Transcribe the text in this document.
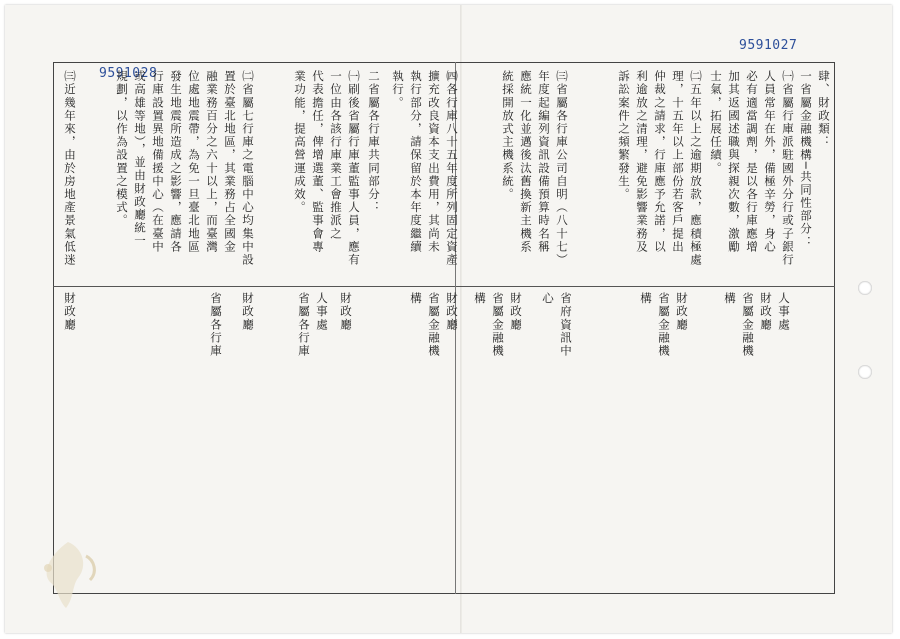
9591027
9591028	肆、財政類：
一省屬金融機構─共同性部分：
㈠省屬行庫派駐國外分行或子銀行
人員常年在外，備極辛勞，身心
必有適當調劑，是以各行庫應增
加其返國述職與探親次數，激勵
士氣，拓展任績。
㈡五年以上之逾期放款，應積極處
理，十五年以上部份若客戶提出
仲裁之請求，行庫應予允諾，以
利逾放之清理，避免影響業務及
訴訟案件之頻繁發生。
㈢省屬各行庫公司自明（八十七）
年度起編列資訊設備預算時名稱
應統一化並邁後汰舊換新主機系
統採開放式主機系統。
㈣各行庫八十五年度所列固定資產
擴充改良資本支出費用，其尚未
執行部分，請保留於本年度繼續
執行。
二省屬各行庫共同部分：
㈠刷後省屬行庫董監事人員，應有
一位由各該行庫業工會推派之
代表擔任，俾增選董、監事會專
業功能，提高營運成效。
㈡省屬七行庫之電腦中心均集中設
置於臺北地區，其業務占全國金
融業務百分之六十以上，而臺灣
位處地震帶，為免一旦臺北地區
發生地震所造成之影響，應請各
行庫設置異地備援中心（在臺中
或高雄等地），並由財政廳統一
規劃，以作為設置之模式。
㈢近幾年來，由於房地產景氣低迷
人事處
財政廳
省屬金融機
構
財政廳
省屬金融機
構
省府資訊中
心
財政廳
省屬金融機
構
財政廳
省屬金融機
構
財政廳
人事處
省屬各行庫
財政廳
省屬各行庫
財政廳
